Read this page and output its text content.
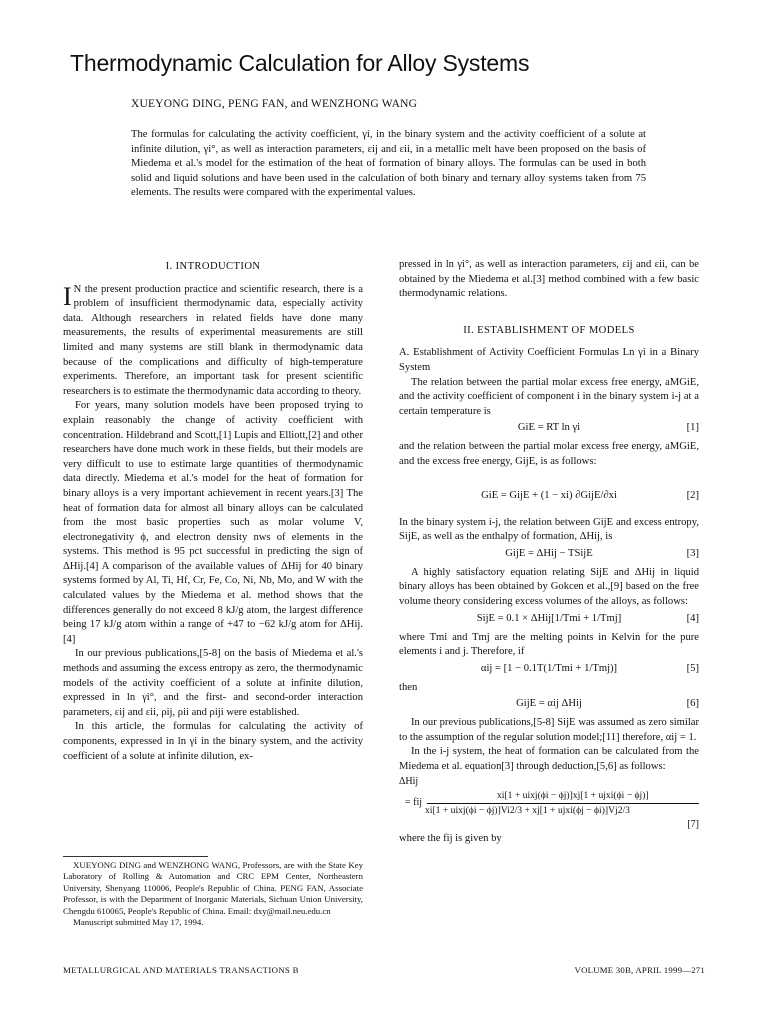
Thermodynamic Calculation for Alloy Systems
XUEYONG DING, PENG FAN, and WENZHONG WANG
The formulas for calculating the activity coefficient, γi, in the binary system and the activity coefficient of a solute at infinite dilution, γi°, as well as interaction parameters, εij and εii, in a metallic melt have been proposed on the basis of Miedema et al.'s model for the estimation of the heat of formation of binary alloys. The formulas can be used in both solid and liquid solutions and have been used in the calculation of both binary and ternary alloy systems taken from 75 elements. The results were compared with the experimental values.
I. INTRODUCTION

I N the present production practice and scientific research, there is a problem of insufficient thermodynamic data, especially activity data. Although researchers in related fields have done many measurements, the results of experimental measurements are still limited and many systems are still blank in thermodynamic data because of the complications and difficulty of high-temperature experiments. Therefore, an important task for present scientific researchers is to estimate the thermodynamic data according to theory.

For years, many solution models have been proposed trying to explain reasonably the change of activity coefficient with concentration. Hildebrand and Scott,[1] Lupis and Elliott,[2] and other researchers have done much work in these fields, but their models are very difficult to use to estimate large quantities of thermodynamic data directly. Miedema et al.'s model for the heat of formation for binary alloys is a very important achievement in recent years.[3] The heat of formation data for almost all binary alloys can be calculated from the most basic properties such as molar volume V, electronegativity ϕ, and electron density nws of elements in the systems. This method is 95 pct successful in predicting the sign of ΔHij.[4] A comparison of the available values of ΔHij for 40 binary systems formed by Al, Ti, Hf, Cr, Fe, Co, Ni, Nb, Mo, and W with the calculated values by the Miedema et al. method shows that the differences generally do not exceed 8 kJ/g atom, the largest difference being 17 kJ/g atom within a range of +47 to −62 kJ/g atom for ΔHij.[4]

In our previous publications,[5-8] on the basis of Miedema et al.'s methods and assuming the excess entropy as zero, the thermodynamic models of the activity coefficient of a solute at infinite dilution, expressed in ln γi°, and the first- and second-order interaction parameters, εij and εii, ρij, ρii and ρiji were established.

In this article, the formulas for calculating the activity of components, expressed in ln γi in the binary system, and the activity coefficient of a solute at infinite dilution, ex-

XUEYONG DING and WENZHONG WANG, Professors, are with the State Key Laboratory of Rolling & Automation and CRC EPM Center, Northeastern University, Shenyang 110006, People's Republic of China. PENG FAN, Associate Professor, is with the Department of Inorganic Materials, Sichuan Union University, Chengdu 610065, People's Republic of China. Email: dxy@mail.neu.edu.cn

Manuscript submitted May 17, 1994.

pressed in ln γi°, as well as interaction parameters, εij and εii, can be obtained by the Miedema et al.[3] method combined with a few basic thermodynamic relations.

II. ESTABLISHMENT OF MODELS

A. Establishment of Activity Coefficient Formulas Ln γi in a Binary System

The relation between the partial molar excess free energy, aMGiE, and the activity coefficient of component i in the binary system i-j at a certain temperature is

GiE = RT ln γi	[1]

and the relation between the partial molar excess free energy, aMGiE, and the excess free energy, GijE, is as follows:

GiE = GijE + (1 − xi) ∂GijE/∂xi	[2]

In the binary system i-j, the relation between GijE and excess entropy, SijE, as well as the enthalpy of formation, ΔHij, is

GijE = ΔHij − TSijE	[3]

A highly satisfactory equation relating SijE and ΔHij in liquid binary alloys has been obtained by Gokcen et al.,[9] based on the free volume theory considering excess volumes of the alloys, as follows:

SijE = 0.1 × ΔHij[1/Tmi + 1/Tmj]	[4]

where Tmi and Tmj are the melting points in Kelvin for the pure elements i and j. Therefore, if

αij = [1 − 0.1T(1/Tmi + 1/Tmj)]	[5]

then

GijE = αij ΔHij	[6]

In our previous publications,[5-8] SijE was assumed as zero similar to the assumption of the regular solution model;[11] therefore, αij = 1.

In the i-j system, the heat of formation can be calculated from the Miedema et al. equation[3] through deduction,[5,6] as follows:

ΔHij
xi[1 + uixj(ϕi − ϕj)]xj[1 + ujxi(ϕi − ϕj)]
= fij
xi[1 + uixj(ϕi − ϕj)]Vi2/3 + xj[1 + ujxi(ϕj − ϕi)]Vj2/3
[7]

where the fij is given by

METALLURGICAL AND MATERIALS TRANSACTIONS B	VOLUME 30B, APRIL 1999—271
